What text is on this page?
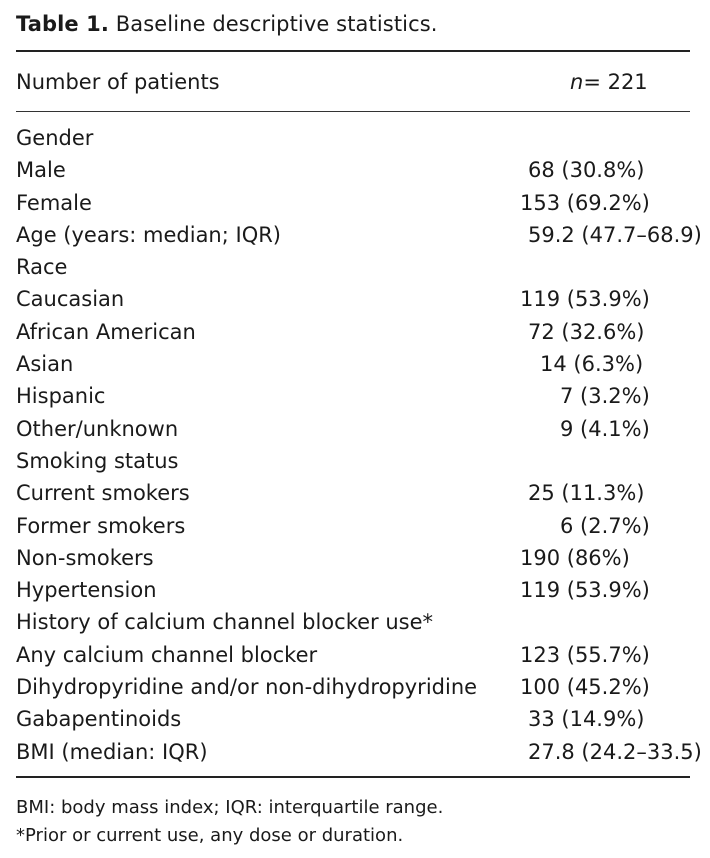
Table 1. Baseline descriptive statistics.
Number of patients	n= 221
Gender
Male	68 (30.8%)
Female	153 (69.2%)
Age (years: median; IQR)	59.2 (47.7–68.9)
Race
Caucasian	119 (53.9%)
African American	72 (32.6%)
Asian	14 (6.3%)
Hispanic	7 (3.2%)
Other/unknown	9 (4.1%)
Smoking status
Current smokers	25 (11.3%)
Former smokers	6 (2.7%)
Non-smokers	190 (86%)
Hypertension	119 (53.9%)
History of calcium channel blocker use*
Any calcium channel blocker	123 (55.7%)
Dihydropyridine and/or non-dihydropyridine 100 (45.2%)
Gabapentinoids	33 (14.9%)
BMI (median: IQR)	27.8 (24.2–33.5)
BMI: body mass index; IQR: interquartile range.
*Prior or current use, any dose or duration.
